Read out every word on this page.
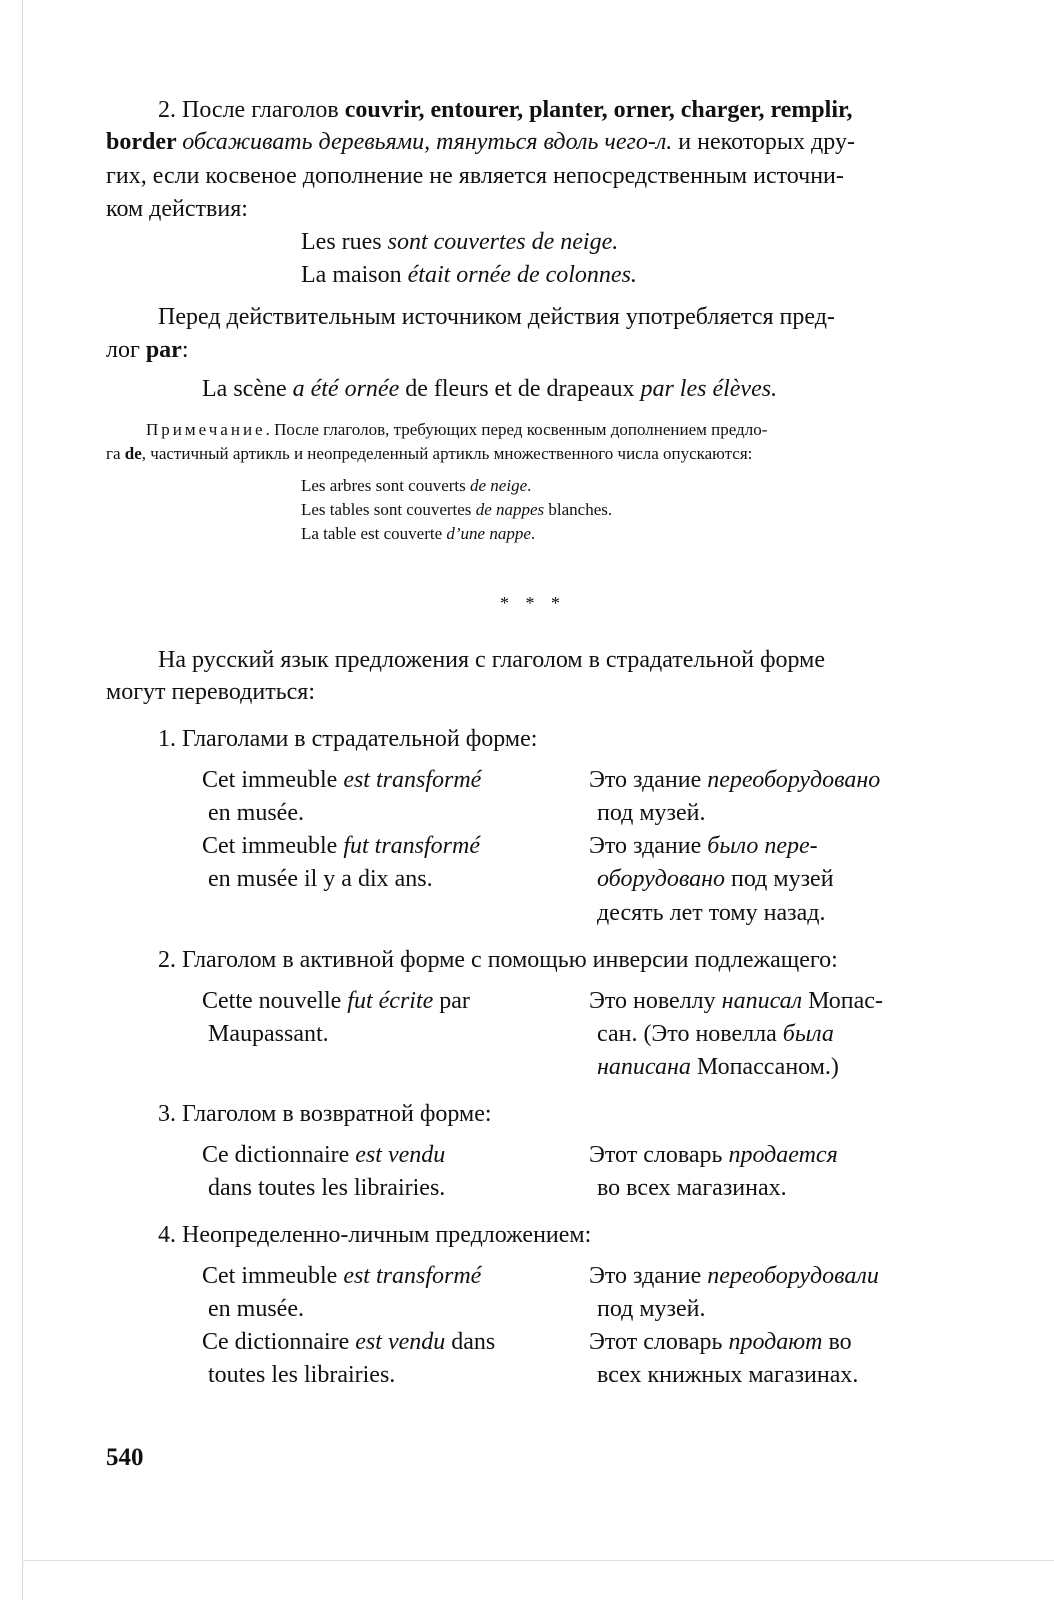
2. После глаголов couvrir, entourer, planter, orner, charger, remplir,
border обсаживать деревьями, тянуться вдоль чего-л. и некоторых дру-
гих, если косвеное дополнение не является непосредственным источни-
ком действия:
Les rues sont couvertes de neige.
La maison était ornée de colonnes.
Перед действительным источником действия употребляется пред-
лог par:
La scène a été ornée de fleurs et de drapeaux par les élèves.
Примечание. После глаголов, требующих перед косвенным дополнением предло-
га de, частичный артикль и неопределенный артикль множественного числа опускаются:
Les arbres sont couverts de neige.
Les tables sont couvertes de nappes blanches.
La table est couverte d’une nappe.
* * *
На русский язык предложения с глаголом в страдательной форме
могут переводиться:
1. Глаголами в страдательной форме:
Cet immeuble est transformé
en musée.
Cet immeuble fut transformé
en musée il y a dix ans.
Это здание переоборудовано
под музей.
Это здание было пере-
оборудовано под музей
десять лет тому назад.
2. Глаголом в активной форме с помощью инверсии подлежащего:
Cette nouvelle fut écrite par
Maupassant.
Это новеллу написал Мопас-
сан. (Это новелла была
написана Мопассаном.)
3. Глаголом в возвратной форме:
Ce dictionnaire est vendu
dans toutes les librairies.
Этот словарь продается
во всех магазинах.
4. Неопределенно-личным предложением:
Cet immeuble est transformé
en musée.
Ce dictionnaire est vendu dans
toutes les librairies.
Это здание переоборудовали
под музей.
Этот словарь продают во
всех книжных магазинах.
540
